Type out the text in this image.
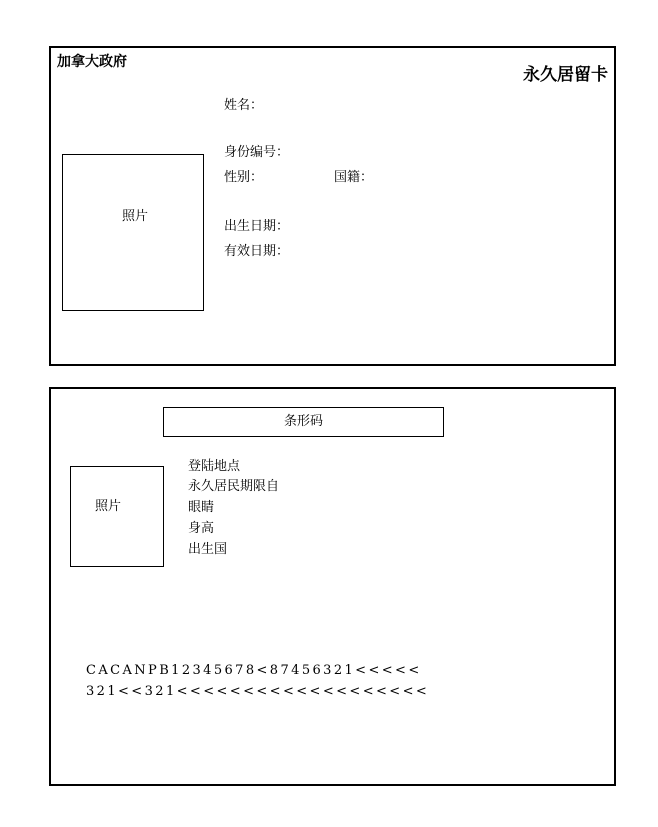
加拿大政府
永久居留卡
照片
姓名：
身份编号：
性别：	国籍：
出生日期：
有效日期：
条形码
照片
登陆地点
永久居民期限自
眼睛
身高
出生国
CACANPB12345678<87456321<<<<<
321<<321<<<<<<<<<<<<<<<<<<<
